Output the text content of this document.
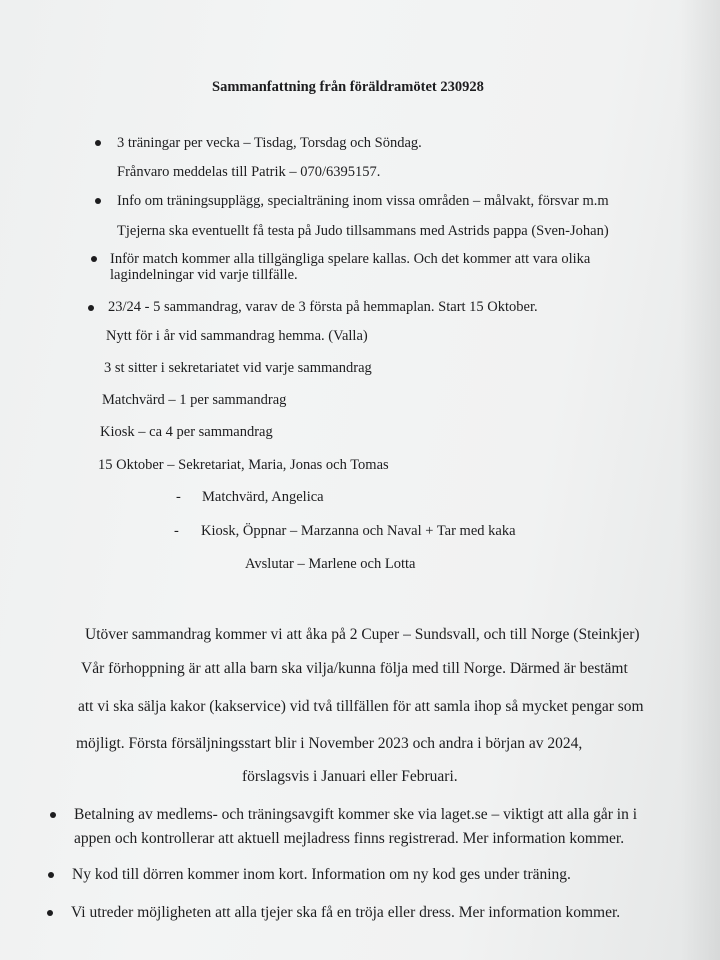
Sammanfattning från föräldramötet 230928
3 träningar per vecka – Tisdag, Torsdag och Söndag.
Frånvaro meddelas till Patrik – 070/6395157.
Info om träningsupplägg, specialträning inom vissa områden – målvakt, försvar m.m
Tjejerna ska eventuellt få testa på Judo tillsammans med Astrids pappa (Sven-Johan)
Inför match kommer alla tillgängliga spelare kallas. Och det kommer att vara olika
lagindelningar vid varje tillfälle.
23/24 - 5 sammandrag, varav de 3 första på hemmaplan. Start 15 Oktober.
Nytt för i år vid sammandrag hemma. (Valla)
3 st sitter i sekretariatet vid varje sammandrag
Matchvärd – 1 per sammandrag
Kiosk – ca 4 per sammandrag
15 Oktober – Sekretariat, Maria, Jonas och Tomas
- Matchvärd, Angelica
- Kiosk, Öppnar – Marzanna och Naval + Tar med kaka
Avslutar – Marlene och Lotta
Utöver sammandrag kommer vi att åka på 2 Cuper – Sundsvall, och till Norge (Steinkjer)
Vår förhoppning är att alla barn ska vilja/kunna följa med till Norge. Därmed är bestämt
att vi ska sälja kakor (kakservice) vid två tillfällen för att samla ihop så mycket pengar som
möjligt. Första försäljningsstart blir i November 2023 och andra i början av 2024,
förslagsvis i Januari eller Februari.
Betalning av medlems- och träningsavgift kommer ske via laget.se – viktigt att alla går in i
appen och kontrollerar att aktuell mejladress finns registrerad. Mer information kommer.
Ny kod till dörren kommer inom kort. Information om ny kod ges under träning.
Vi utreder möjligheten att alla tjejer ska få en tröja eller dress. Mer information kommer.
